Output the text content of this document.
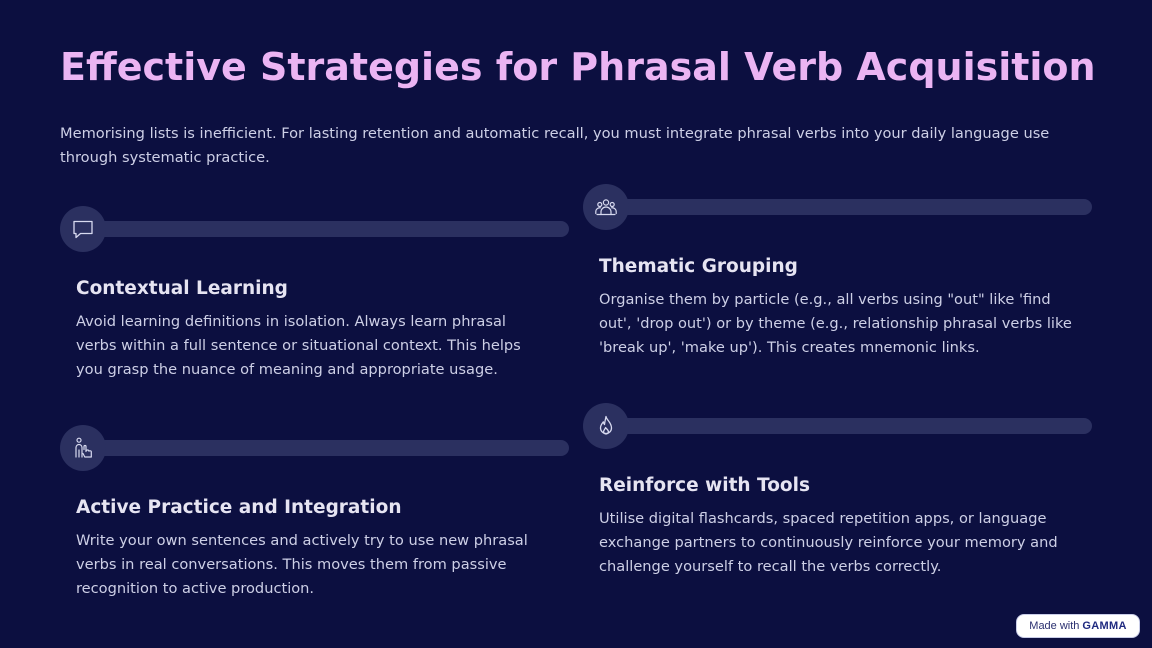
Effective Strategies for Phrasal Verb Acquisition

Memorising lists is inefficient. For lasting retention and automatic recall, you must integrate phrasal verbs into your daily language use through systematic practice.

Contextual Learning

Avoid learning definitions in isolation. Always learn phrasal verbs within a full sentence or situational context. This helps you grasp the nuance of meaning and appropriate usage.

Thematic Grouping

Organise them by particle (e.g., all verbs using "out" like 'find out', 'drop out') or by theme (e.g., relationship phrasal verbs like 'break up', 'make up'). This creates mnemonic links.

Active Practice and Integration

Write your own sentences and actively try to use new phrasal verbs in real conversations. This moves them from passive recognition to active production.

Reinforce with Tools

Utilise digital flashcards, spaced repetition apps, or language exchange partners to continuously reinforce your memory and challenge yourself to recall the verbs correctly.

Made with GAMMA
